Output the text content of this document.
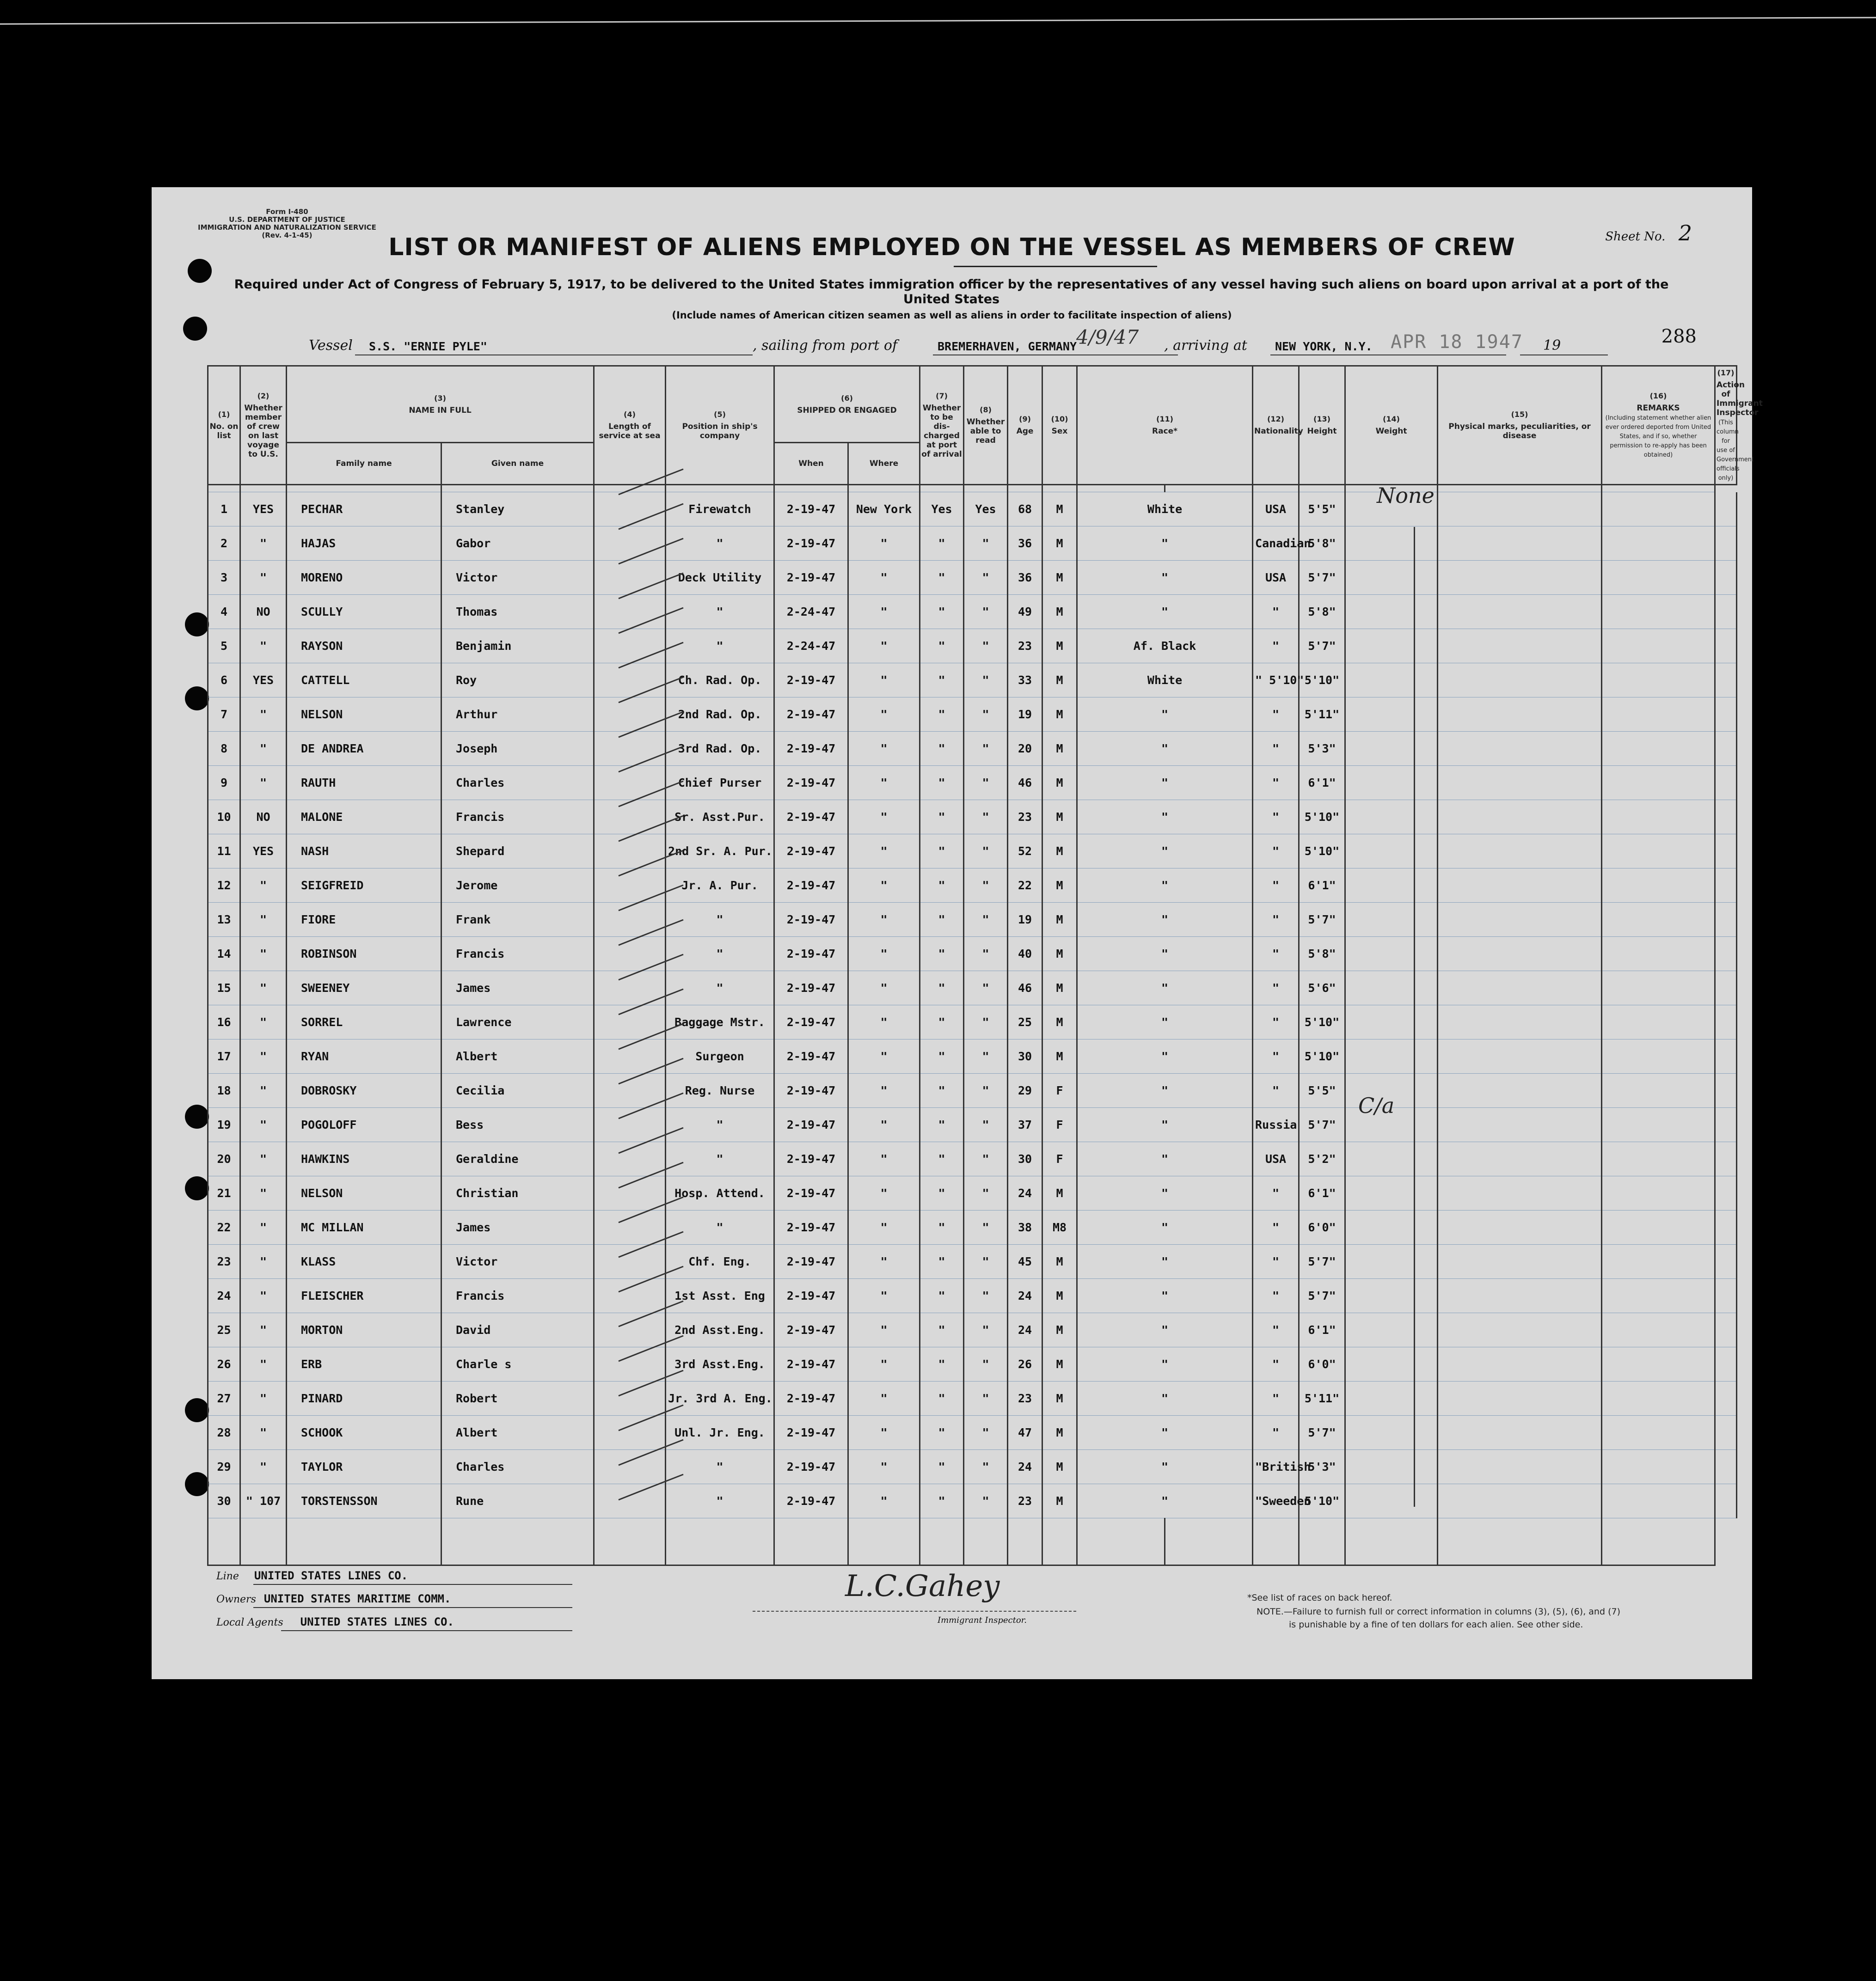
Form I-480
U.S. DEPARTMENT OF JUSTICE
IMMIGRATION AND NATURALIZATION SERVICE
(Rev. 4-1-45)	LIST OR MANIFEST OF ALIENS EMPLOYED ON THE VESSEL AS MEMBERS OF CREW	Sheet No. 2
Required under Act of Congress of February 5, 1917, to be delivered to the United States immigration officer by the representatives of any vessel having such aliens on board upon arrival at a port of the United States
(Include names of American citizen seamen as well as aliens in order to facilitate inspection of aliens)
Vessel S.S. "ERNIE PYLE"	, sailing from port of	BREMERHAVEN, GERMANY
4/9/47 , arriving at NEW YORK, N.Y. APR 18 1947 19	288
(1)
No. on list	(2)
Whether member of crew on last voyage to U.S.	(3)
NAME IN FULL		(4)
Length of service at sea	(5)
Position in ship's company	(6)
SHIPPED OR ENGAGED		(7)
Whether to be dis-charged at port of arrival	(8)
Whether able to read	(9)
Age	(10)
Sex	(11)
Race*		(12)
Nationality	(13)
Height	(14)
Weight	(15)
Physical marks, peculiarities, or disease	(16)
REMARKS
(Including statement whether alien ever ordered deported from United States, and if so, whether permission to re-apply has been obtained)	(17)
Action of Immigrant Inspector
(This column for use of Government officials only)
		Family name	Given name			When	Where												

1	YES	PECHAR	Stanley		Firewatch	2-19-47	New York	Yes	Yes	68	M	White		USA	5'5"				
2	"	HAJAS	Gabor		"	2-19-47	"	"	"	36	M	"		Canadian	5'8"				
3	"	MORENO	Victor		Deck Utility	2-19-47	"	"	"	36	M	"		USA	5'7"				
4	NO	SCULLY	Thomas		"	2-24-47	"	"	"	49	M	"		"	5'8"				
5	"	RAYSON	Benjamin		"	2-24-47	"	"	"	23	M	Af. Black		"	5'7"				
6	YES	CATTELL	Roy		Ch. Rad. Op.	2-19-47	"	"	"	33	M	White		" 5'10"	5'10"				
7	"	NELSON	Arthur		2nd Rad. Op.	2-19-47	"	"	"	19	M	"		"	5'11"				
8	"	DE ANDREA	Joseph		3rd Rad. Op.	2-19-47	"	"	"	20	M	"		"	5'3"				
9	"	RAUTH	Charles		Chief Purser	2-19-47	"	"	"	46	M	"		"	6'1"				
10	NO	MALONE	Francis		Sr. Asst.Pur.	2-19-47	"	"	"	23	M	"		"	5'10"				
11	YES	NASH	Shepard		2nd Sr. A. Pur.	2-19-47	"	"	"	52	M	"		"	5'10"				
12	"	SEIGFREID	Jerome		Jr. A. Pur.	2-19-47	"	"	"	22	M	"		"	6'1"				
13	"	FIORE	Frank		"	2-19-47	"	"	"	19	M	"		"	5'7"				
14	"	ROBINSON	Francis		"	2-19-47	"	"	"	40	M	"		"	5'8"				
15	"	SWEENEY	James		"	2-19-47	"	"	"	46	M	"		"	5'6"				
16	"	SORREL	Lawrence		Baggage Mstr.	2-19-47	"	"	"	25	M	"		"	5'10"				
17	"	RYAN	Albert		Surgeon	2-19-47	"	"	"	30	M	"		"	5'10"				
18	"	DOBROSKY	Cecilia		Reg. Nurse	2-19-47	"	"	"	29	F	"		"	5'5"				
19	"	POGOLOFF	Bess		"	2-19-47	"	"	"	37	F	"		Russia	5'7"				
20	"	HAWKINS	Geraldine		"	2-19-47	"	"	"	30	F	"		USA	5'2"				
21	"	NELSON	Christian		Hosp. Attend.	2-19-47	"	"	"	24	M	"		"	6'1"				
22	"	MC MILLAN	James		"	2-19-47	"	"	"	38	M8	"		"	6'0"				
23	"	KLASS	Victor		Chf. Eng.	2-19-47	"	"	"	45	M	"		"	5'7"				
24	"	FLEISCHER	Francis		1st Asst. Eng	2-19-47	"	"	"	24	M	"		"	5'7"				
25	"	MORTON	David		2nd Asst.Eng.	2-19-47	"	"	"	24	M	"		"	6'1"				
26	"	ERB	Charle s		3rd Asst.Eng.	2-19-47	"	"	"	26	M	"		"	6'0"				
27	"	PINARD	Robert		Jr. 3rd A. Eng.	2-19-47	"	"	"	23	M	"		"	5'11"				
28	"	SCHOOK	Albert		Unl. Jr. Eng.	2-19-47	"	"	"	47	M	"		"	5'7"				
29	"	TAYLOR	Charles		"	2-19-47	"	"	"	24	M	"		"British	5'3"				
30	" 107	TORSTENSSON	Rune		"	2-19-47	"	"	"	23	M	"		"Sweeden	5'10"				

None
C/a
Line UNITED STATES LINES CO.
Owners UNITED STATES MARITIME COMM.
Local Agents UNITED STATES LINES CO.
L.C.Gahey
Immigrant Inspector.
*See list of races on back hereof.
NOTE.—Failure to furnish full or correct information in columns (3), (5), (6), and (7)
is punishable by a fine of ten dollars for each alien. See other side.
